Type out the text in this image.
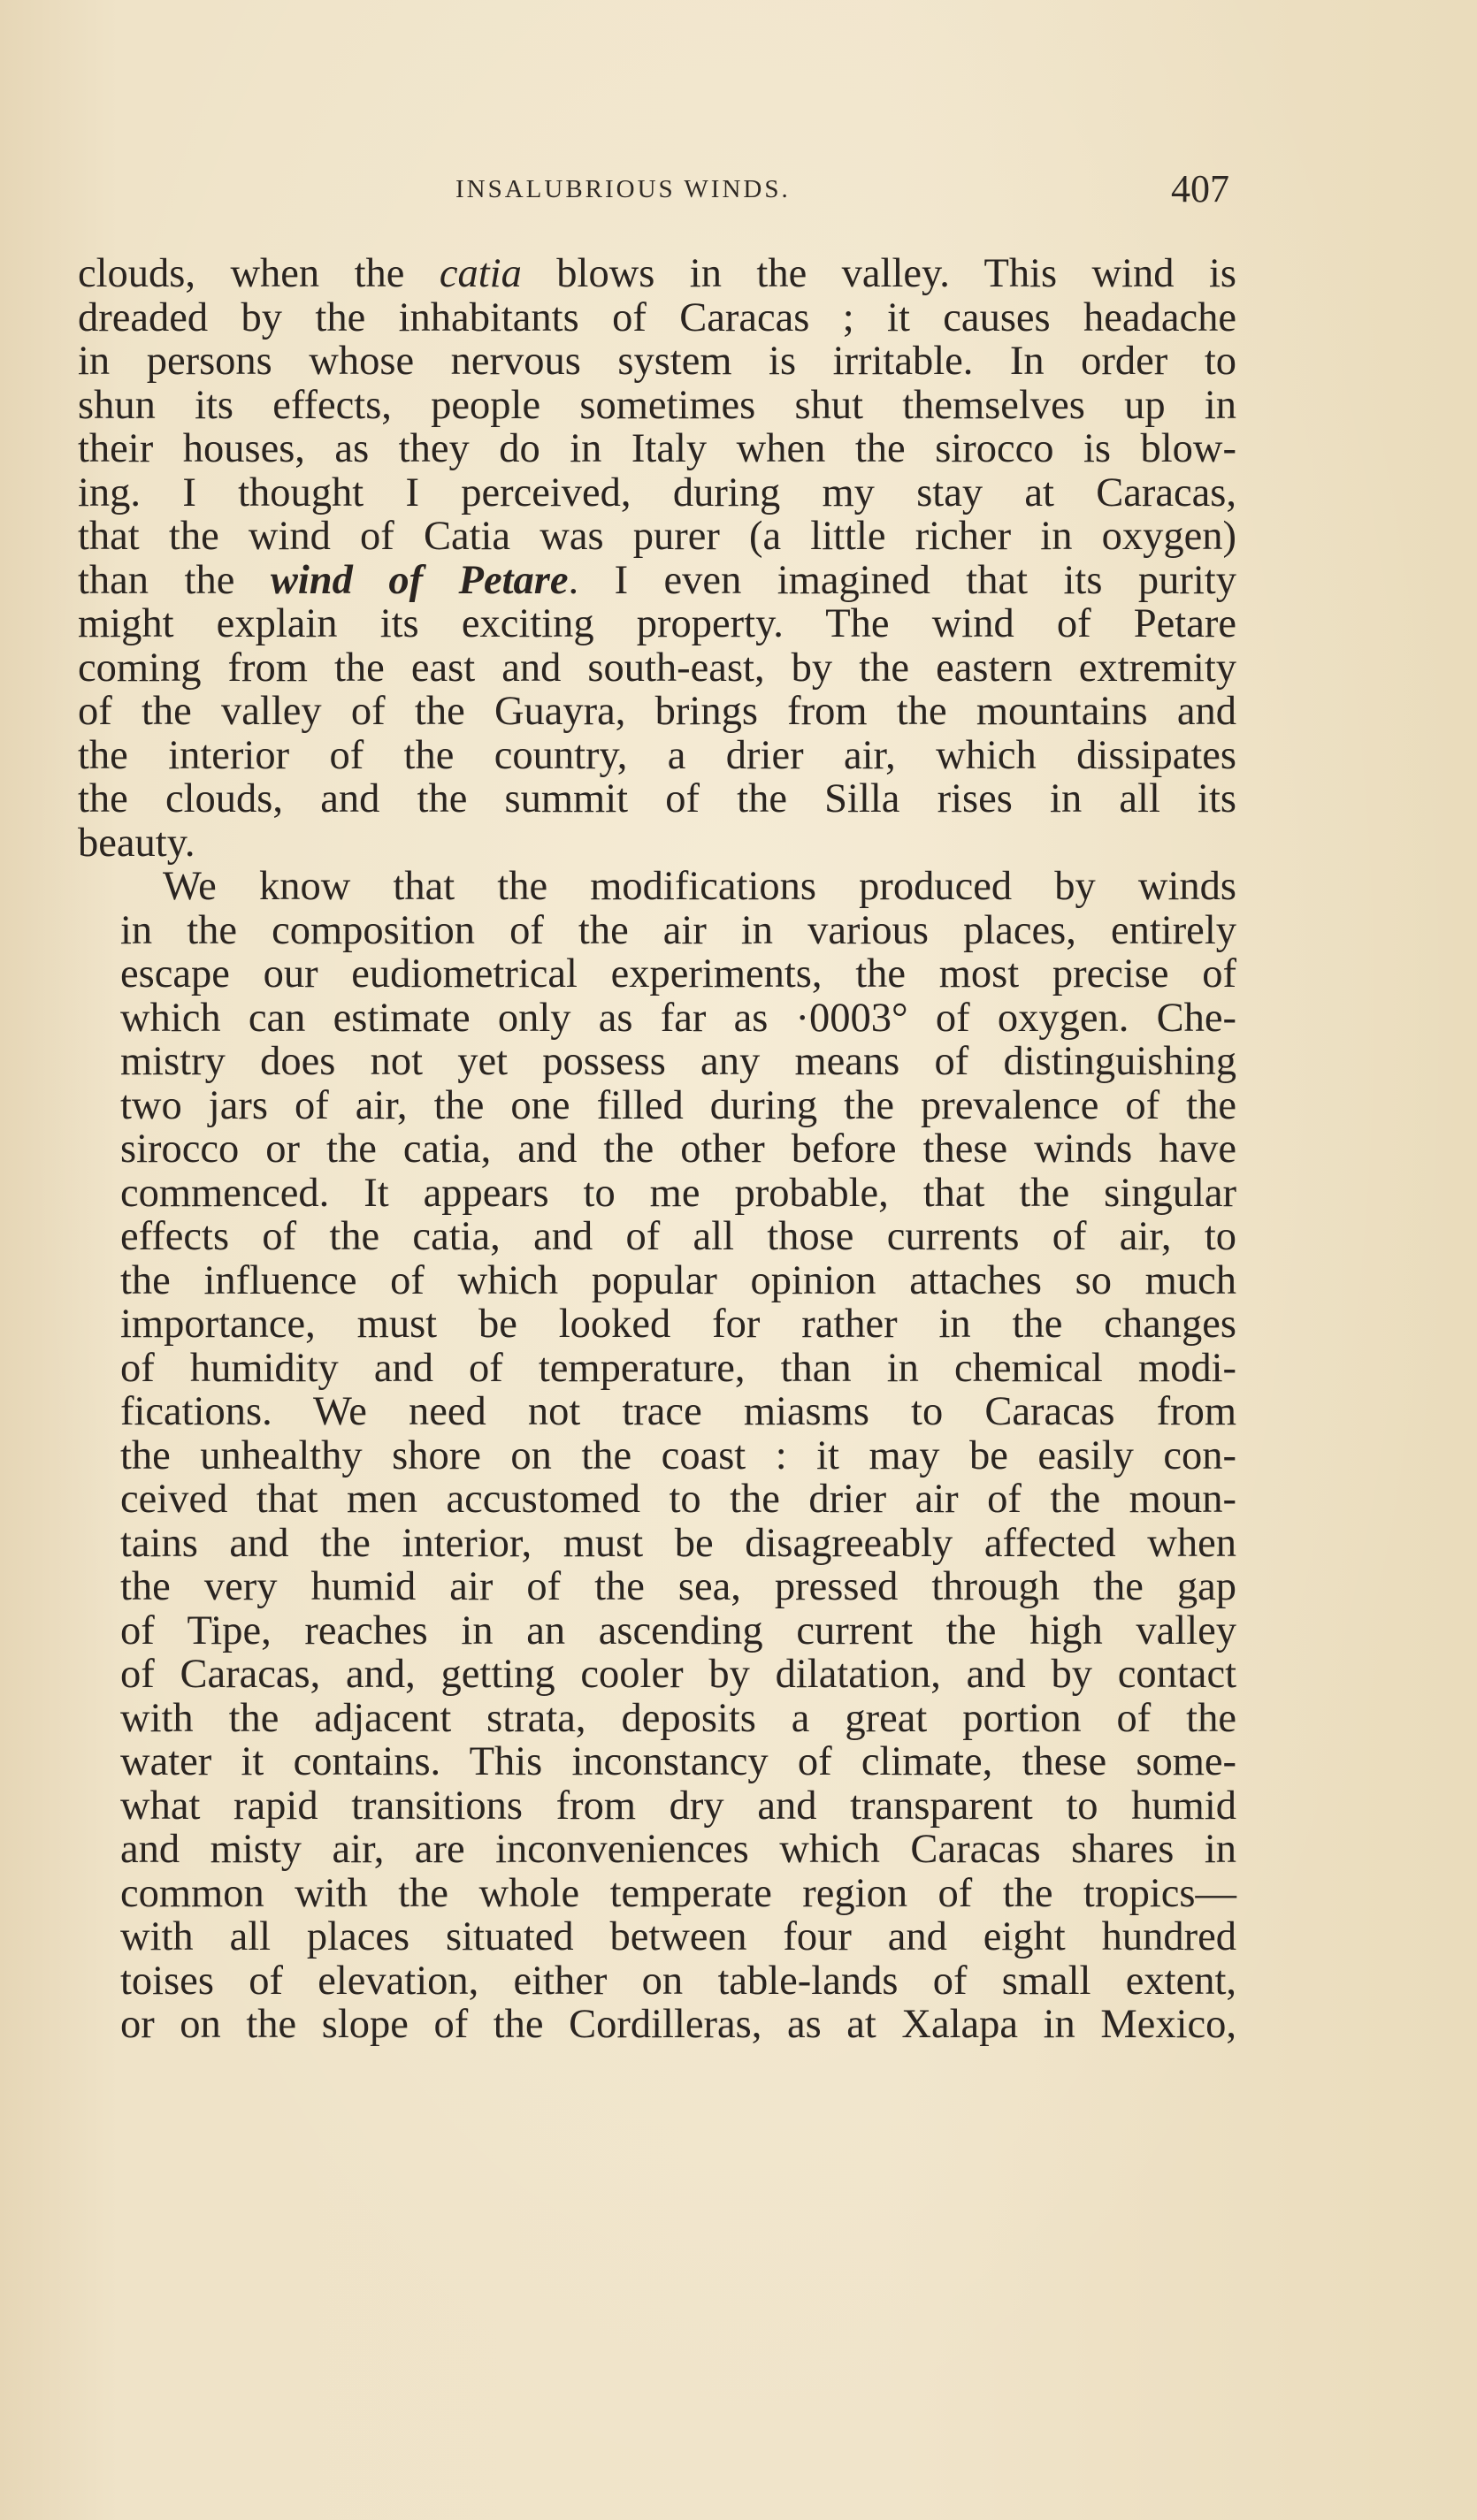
INSALUBRIOUS WINDS.	407
clouds, when the catia blows in the valley. This wind is
dreaded by the inhabitants of Caracas ; it causes headache
in persons whose nervous system is irritable. In order to
shun its effects, people sometimes shut themselves up in
their houses, as they do in Italy when the sirocco is blow-
ing. I thought I perceived, during my stay at Caracas,
that the wind of Catia was purer (a little richer in oxygen)
than the wind of Petare. I even imagined that its purity
might explain its exciting property. The wind of Petare
coming from the east and south-east, by the eastern extremity
of the valley of the Guayra, brings from the mountains and
the interior of the country, a drier air, which dissipates
the clouds, and the summit of the Silla rises in all its
beauty.
We know that the modifications produced by winds
in the composition of the air in various places, entirely
escape our eudiometrical experiments, the most precise of
which can estimate only as far as ·0003° of oxygen. Che-
mistry does not yet possess any means of distinguishing
two jars of air, the one filled during the prevalence of the
sirocco or the catia, and the other before these winds have
commenced. It appears to me probable, that the singular
effects of the catia, and of all those currents of air, to
the influence of which popular opinion attaches so much
importance, must be looked for rather in the changes
of humidity and of temperature, than in chemical modi-
fications. We need not trace miasms to Caracas from
the unhealthy shore on the coast : it may be easily con-
ceived that men accustomed to the drier air of the moun-
tains and the interior, must be disagreeably affected when
the very humid air of the sea, pressed through the gap
of Tipe, reaches in an ascending current the high valley
of Caracas, and, getting cooler by dilatation, and by contact
with the adjacent strata, deposits a great portion of the
water it contains. This inconstancy of climate, these some-
what rapid transitions from dry and transparent to humid
and misty air, are inconveniences which Caracas shares in
common with the whole temperate region of the tropics—
with all places situated between four and eight hundred
toises of elevation, either on table-lands of small extent,
or on the slope of the Cordilleras, as at Xalapa in Mexico,
